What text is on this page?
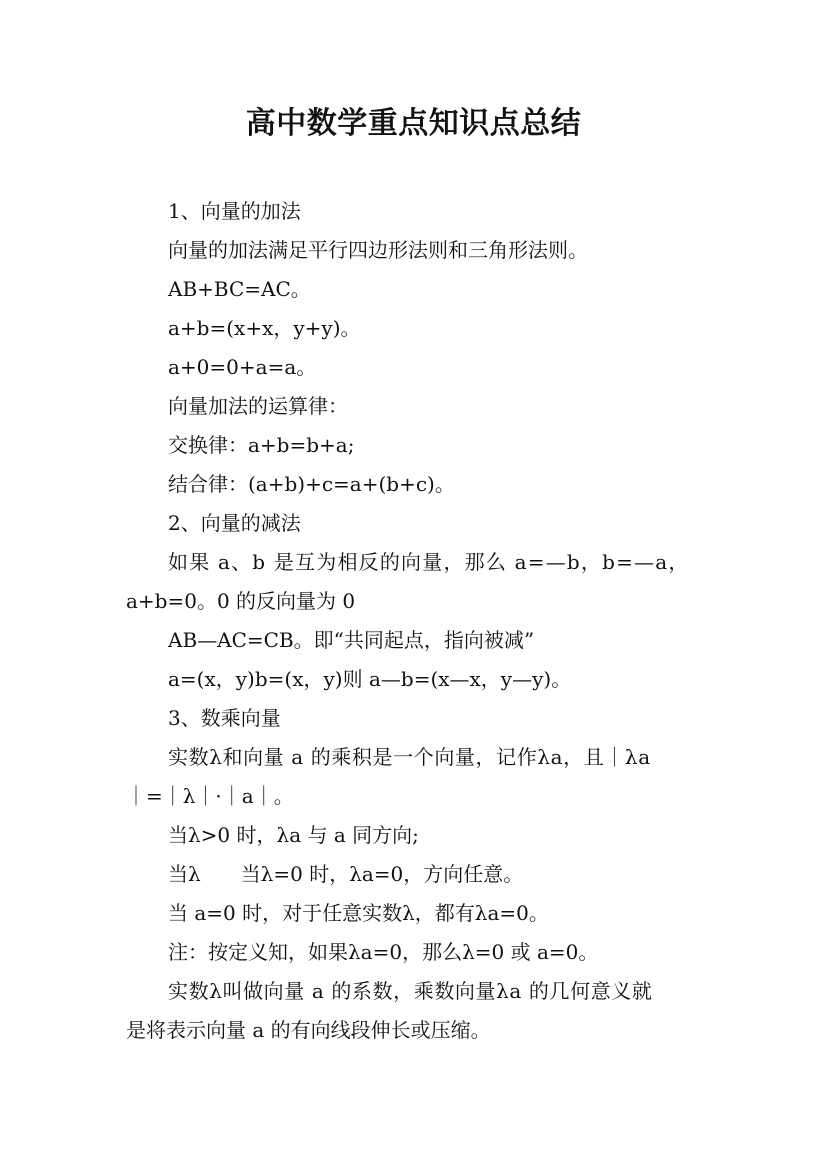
高中数学重点知识点总结

1、向量的加法

向量的加法满足平行四边形法则和三角形法则。

AB+BC=AC。

a+b=(x+x，y+y)。

a+0=0+a=a。

向量加法的运算律：

交换律：a+b=b+a;

结合律：(a+b)+c=a+(b+c)。

2、向量的减法

如果 a、b 是互为相反的向量，那么 a=—b，b=—a，

a+b=0。0 的反向量为 0

AB—AC=CB。即“共同起点，指向被减”

a=(x，y)b=(x，y)则 a—b=(x—x，y—y)。

3、数乘向量

实数λ和向量 a 的乘积是一个向量，记作λa，且｜λa

｜=｜λ｜·｜a｜。

当λ>0 时，λa 与 a 同方向;

当λ　　当λ=0 时，λa=0，方向任意。

当 a=0 时，对于任意实数λ，都有λa=0。

注：按定义知，如果λa=0，那么λ=0 或 a=0。

实数λ叫做向量 a 的系数，乘数向量λa 的几何意义就

是将表示向量 a 的有向线段伸长或压缩。
